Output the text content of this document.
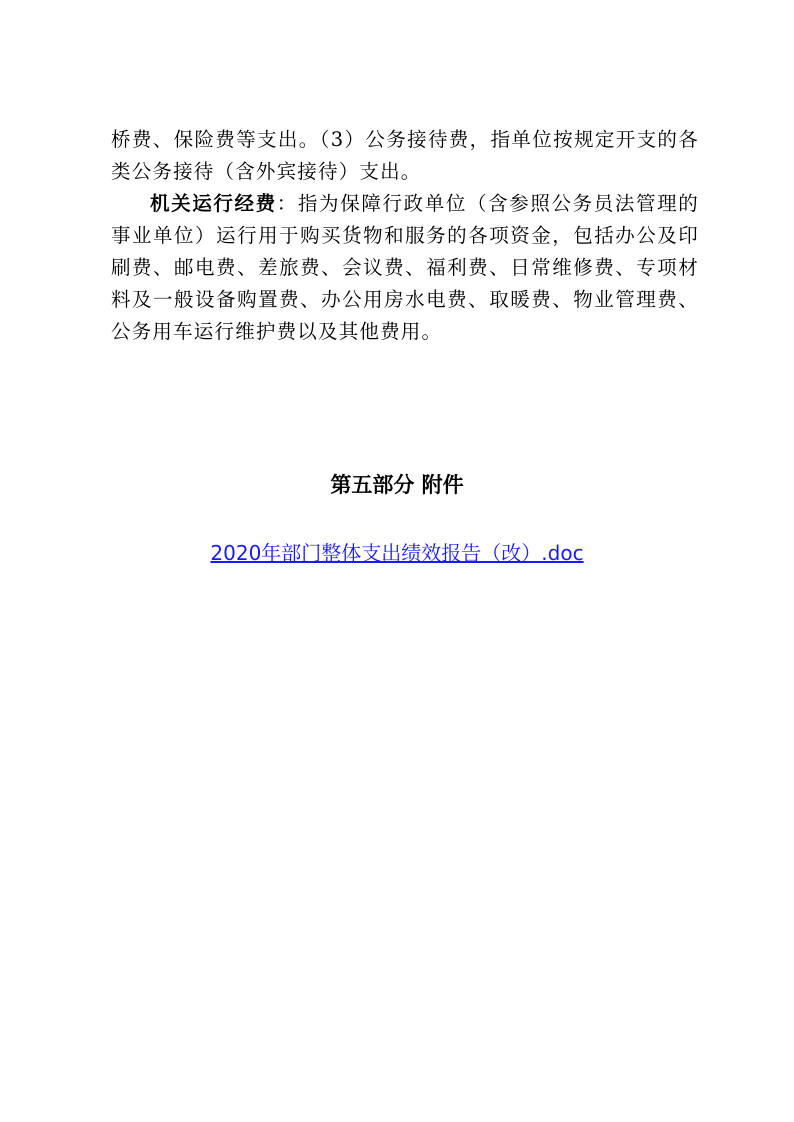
桥费、保险费等支出。（3）公务接待费，指单位按规定开支的各类公务接待（含外宾接待）支出。

机关运行经费：指为保障行政单位（含参照公务员法管理的事业单位）运行用于购买货物和服务的各项资金，包括办公及印刷费、邮电费、差旅费、会议费、福利费、日常维修费、专项材料及一般设备购置费、办公用房水电费、取暖费、物业管理费、公务用车运行维护费以及其他费用。

第五部分 附件
2020年部门整体支出绩效报告（改）.doc
